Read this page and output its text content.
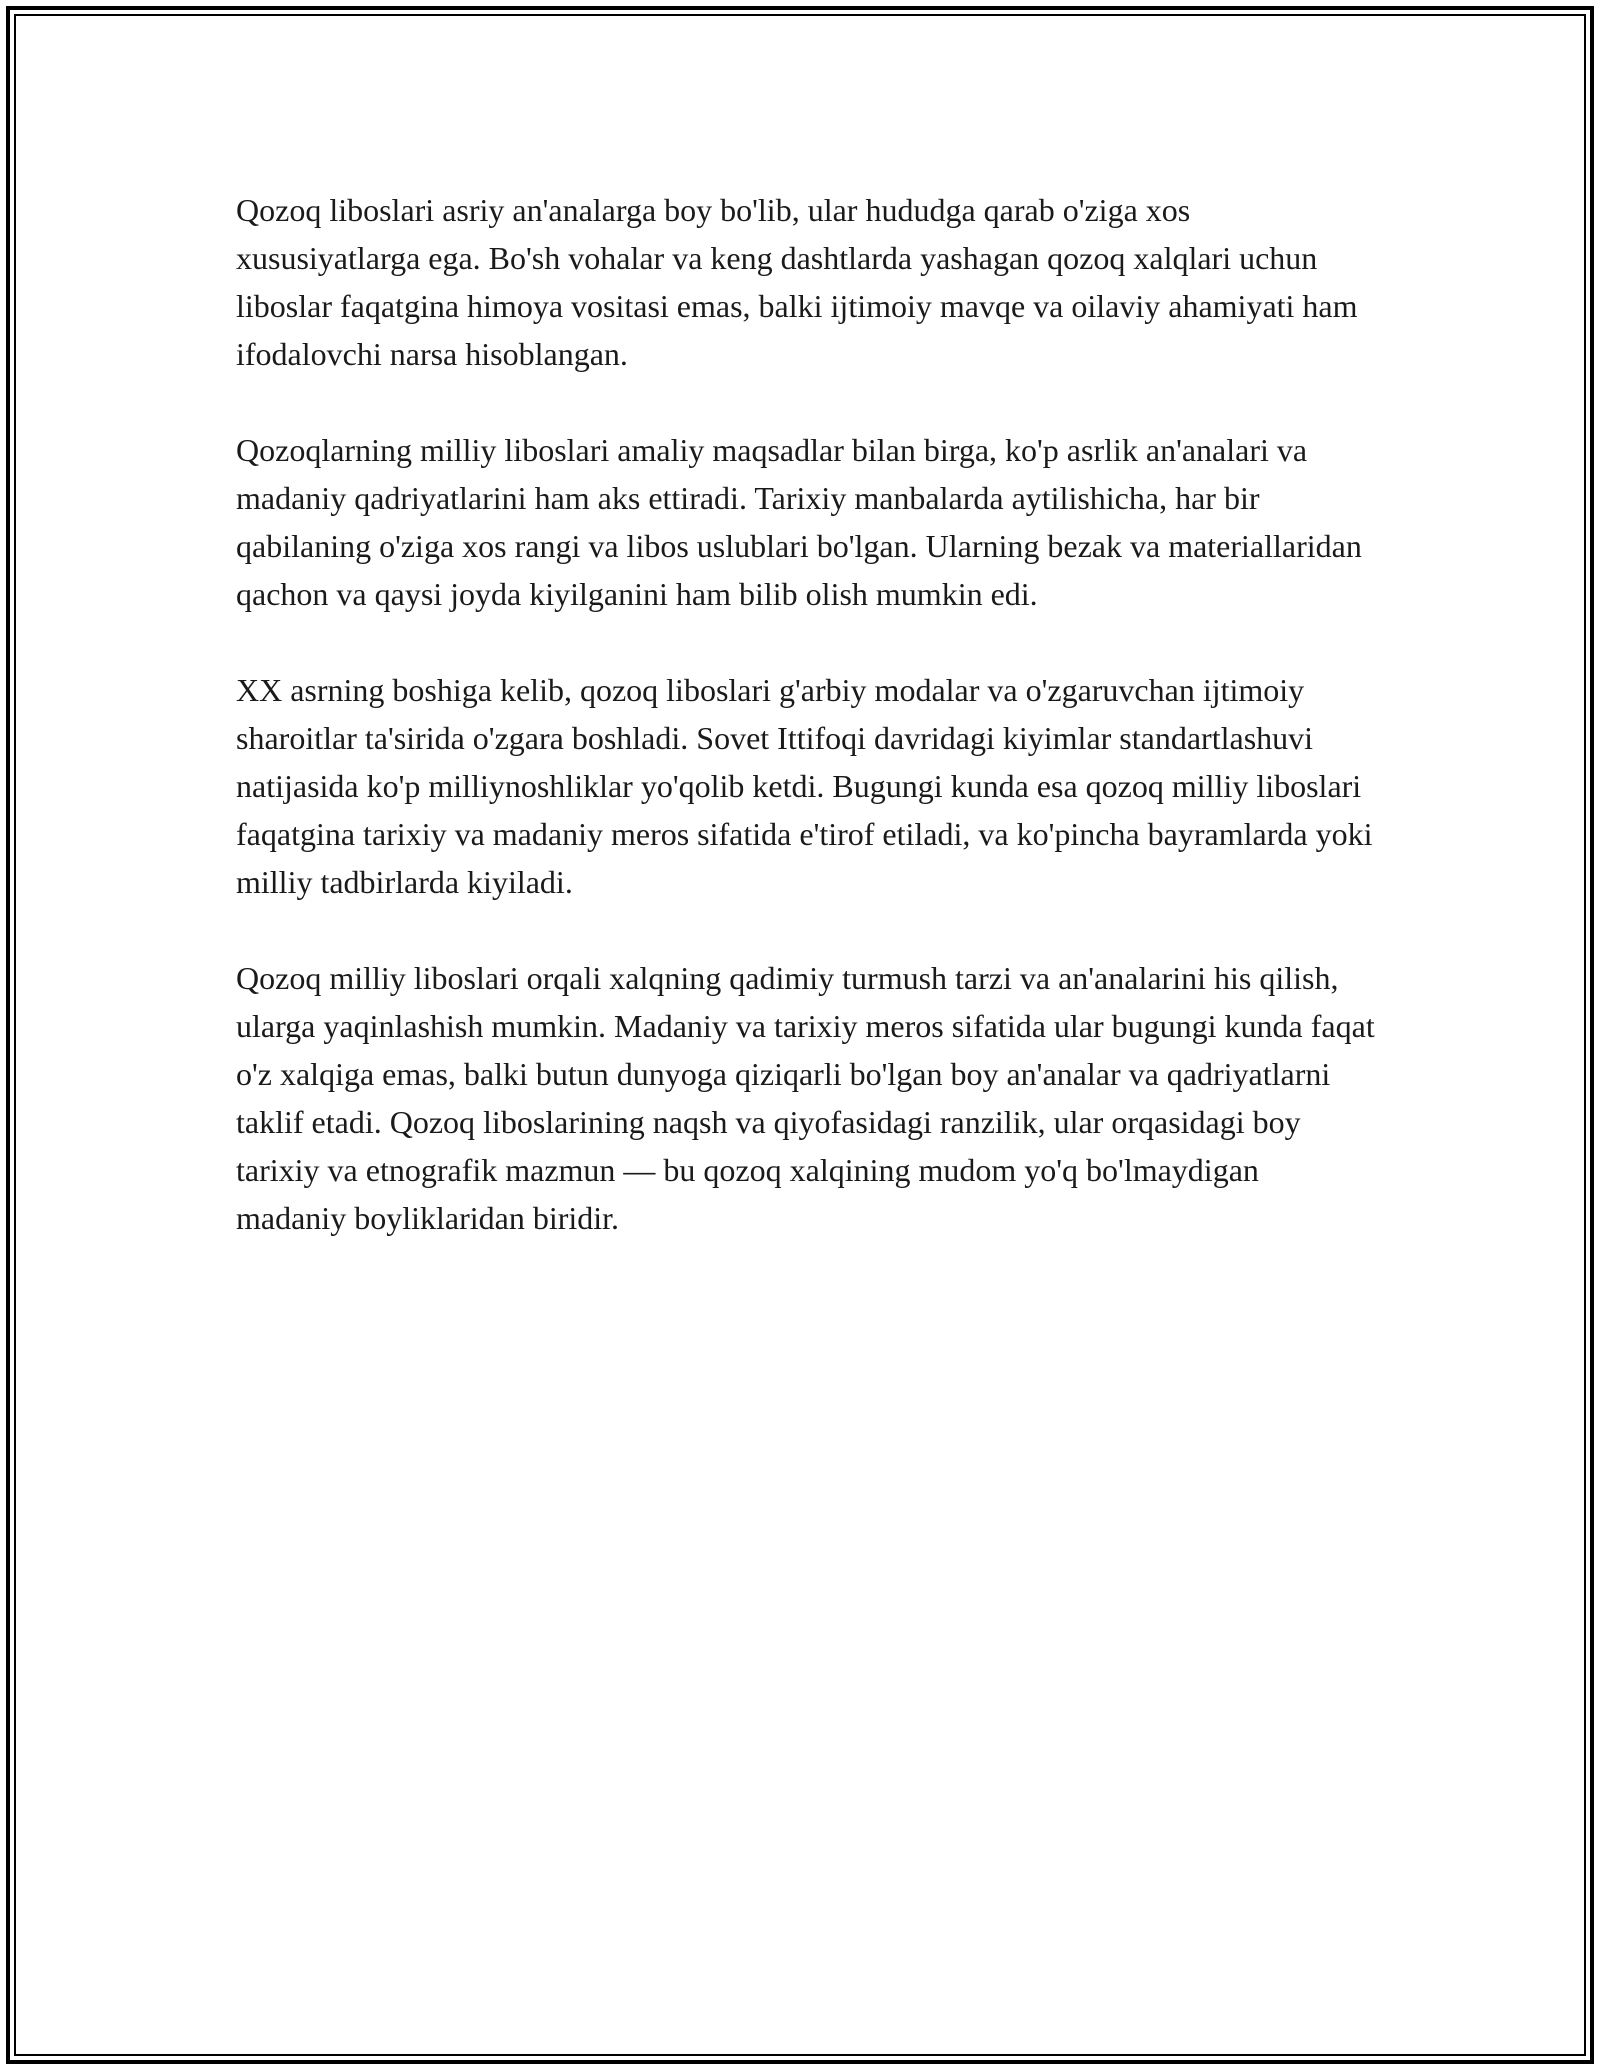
Qozoq liboslari asriy an'analarga boy bo'lib, ular hududga qarab o'ziga xos xususiyatlarga ega. Bo'sh vohalar va keng dashtlarda yashagan qozoq xalqlari uchun liboslar faqatgina himoya vositasi emas, balki ijtimoiy mavqe va oilaviy ahamiyati ham ifodalovchi narsa hisoblangan.

Qozoqlarning milliy liboslari amaliy maqsadlar bilan birga, ko'p asrlik an'analari va madaniy qadriyatlarini ham aks ettiradi. Tarixiy manbalarda aytilishicha, har bir qabilaning o'ziga xos rangi va libos uslublari bo'lgan. Ularning bezak va materiallaridan qachon va qaysi joyda kiyilganini ham bilib olish mumkin edi.

XX asrning boshiga kelib, qozoq liboslari g'arbiy modalar va o'zgaruvchan ijtimoiy sharoitlar ta'sirida o'zgara boshladi. Sovet Ittifoqi davridagi kiyimlar standartlashuvi natijasida ko'p milliynoshliklar yo'qolib ketdi. Bugungi kunda esa qozoq milliy liboslari faqatgina tarixiy va madaniy meros sifatida e'tirof etiladi, va ko'pincha bayramlarda yoki milliy tadbirlarda kiyiladi.

Qozoq milliy liboslari orqali xalqning qadimiy turmush tarzi va an'analarini his qilish, ularga yaqinlashish mumkin. Madaniy va tarixiy meros sifatida ular bugungi kunda faqat o'z xalqiga emas, balki butun dunyoga qiziqarli bo'lgan boy an'analar va qadriyatlarni taklif etadi. Qozoq liboslarining naqsh va qiyofasidagi ranzilik, ular orqasidagi boy tarixiy va etnografik mazmun — bu qozoq xalqining mudom yo'q bo'lmaydigan madaniy boyliklaridan biridir.
